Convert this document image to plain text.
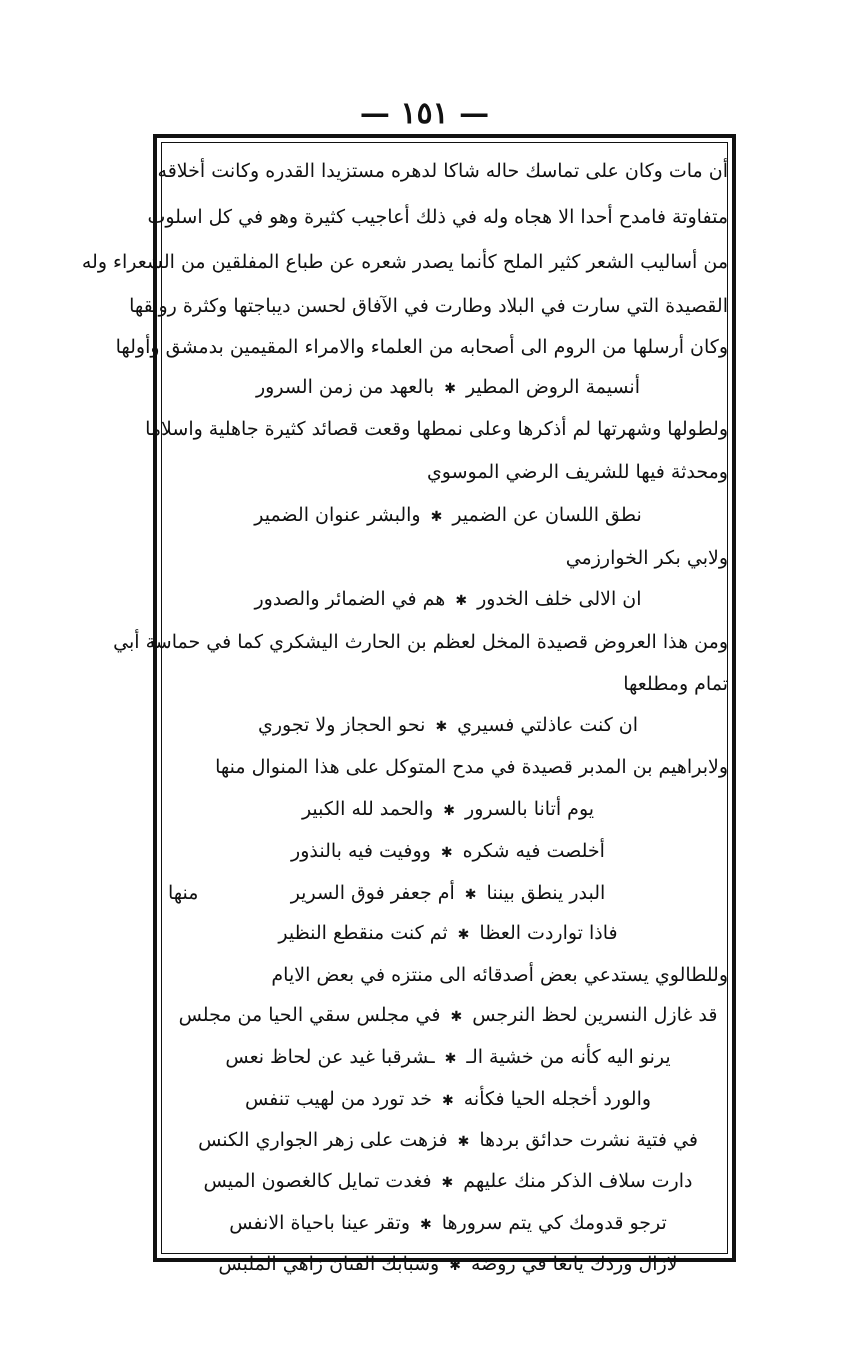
— ١٥١ —
أن مات وكان على تماسك حاله شاكا لدهره مستزيدا القدره وكانت أخلاقه
متفاوتة فامدح أحدا الا هجاه وله في ذلك أعاجيب كثيرة وهو في كل اسلوب
من أساليب الشعر كثير الملح كأنما يصدر شعره عن طباع المفلقين من الشعراء وله
القصيدة التي سارت في البلاد وطارت في الآفاق لحسن ديباجتها وكثرة رونقها
وكان أرسلها من الروم الى أصحابه من العلماء والامراء المقيمين بدمشق وأولها
أنسيمة الروض المطير✱بالعهد من زمن السرور
ولطولها وشهرتها لم أذكرها وعلى نمطها وقعت قصائد كثيرة جاهلية واسلاما
ومحدثة فيها للشريف الرضي الموسوي
نطق اللسان عن الضمير✱والبشر عنوان الضمير
ولابي بكر الخوارزمي
ان الالى خلف الخدور✱هم في الضمائر والصدور
ومن هذا العروض قصيدة المخل لعظم بن الحارث اليشكري كما في حماسة أبي
تمام ومطلعها
ان كنت عاذلتي فسيري✱نحو الحجاز ولا تجوري
ولابراهيم بن المدبر قصيدة في مدح المتوكل على هذا المنوال منها
يوم أتانا بالسرور✱والحمد لله الكبير
أخلصت فيه شكره✱ووفيت فيه بالنذور
البدر ينطق بيننا✱أم جعفر فوق السرير
منها
فاذا تواردت العظا✱ثم كنت منقطع النظير
وللطالوي يستدعي بعض أصدقائه الى منتزه في بعض الايام
قد غازل النسرين لحظ النرجس✱في مجلس سقي الحيا من مجلس
يرنو اليه كأنه من خشية الـ✱ـشرقبا غيد عن لحاظ نعس
والورد أخجله الحيا فكأنه✱خد تورد من لهيب تنفس
في فتية نشرت حدائق بردها✱فزهت على زهر الجواري الكنس
دارت سلاف الذكر منك عليهم✱فغدت تمايل كالغصون الميس
ترجو قدومك كي يتم سرورها✱وتقر عينا باحياة الانفس
لازال وردك يانعا في روضة✱وشبابك الفتان زاهي الملبس
